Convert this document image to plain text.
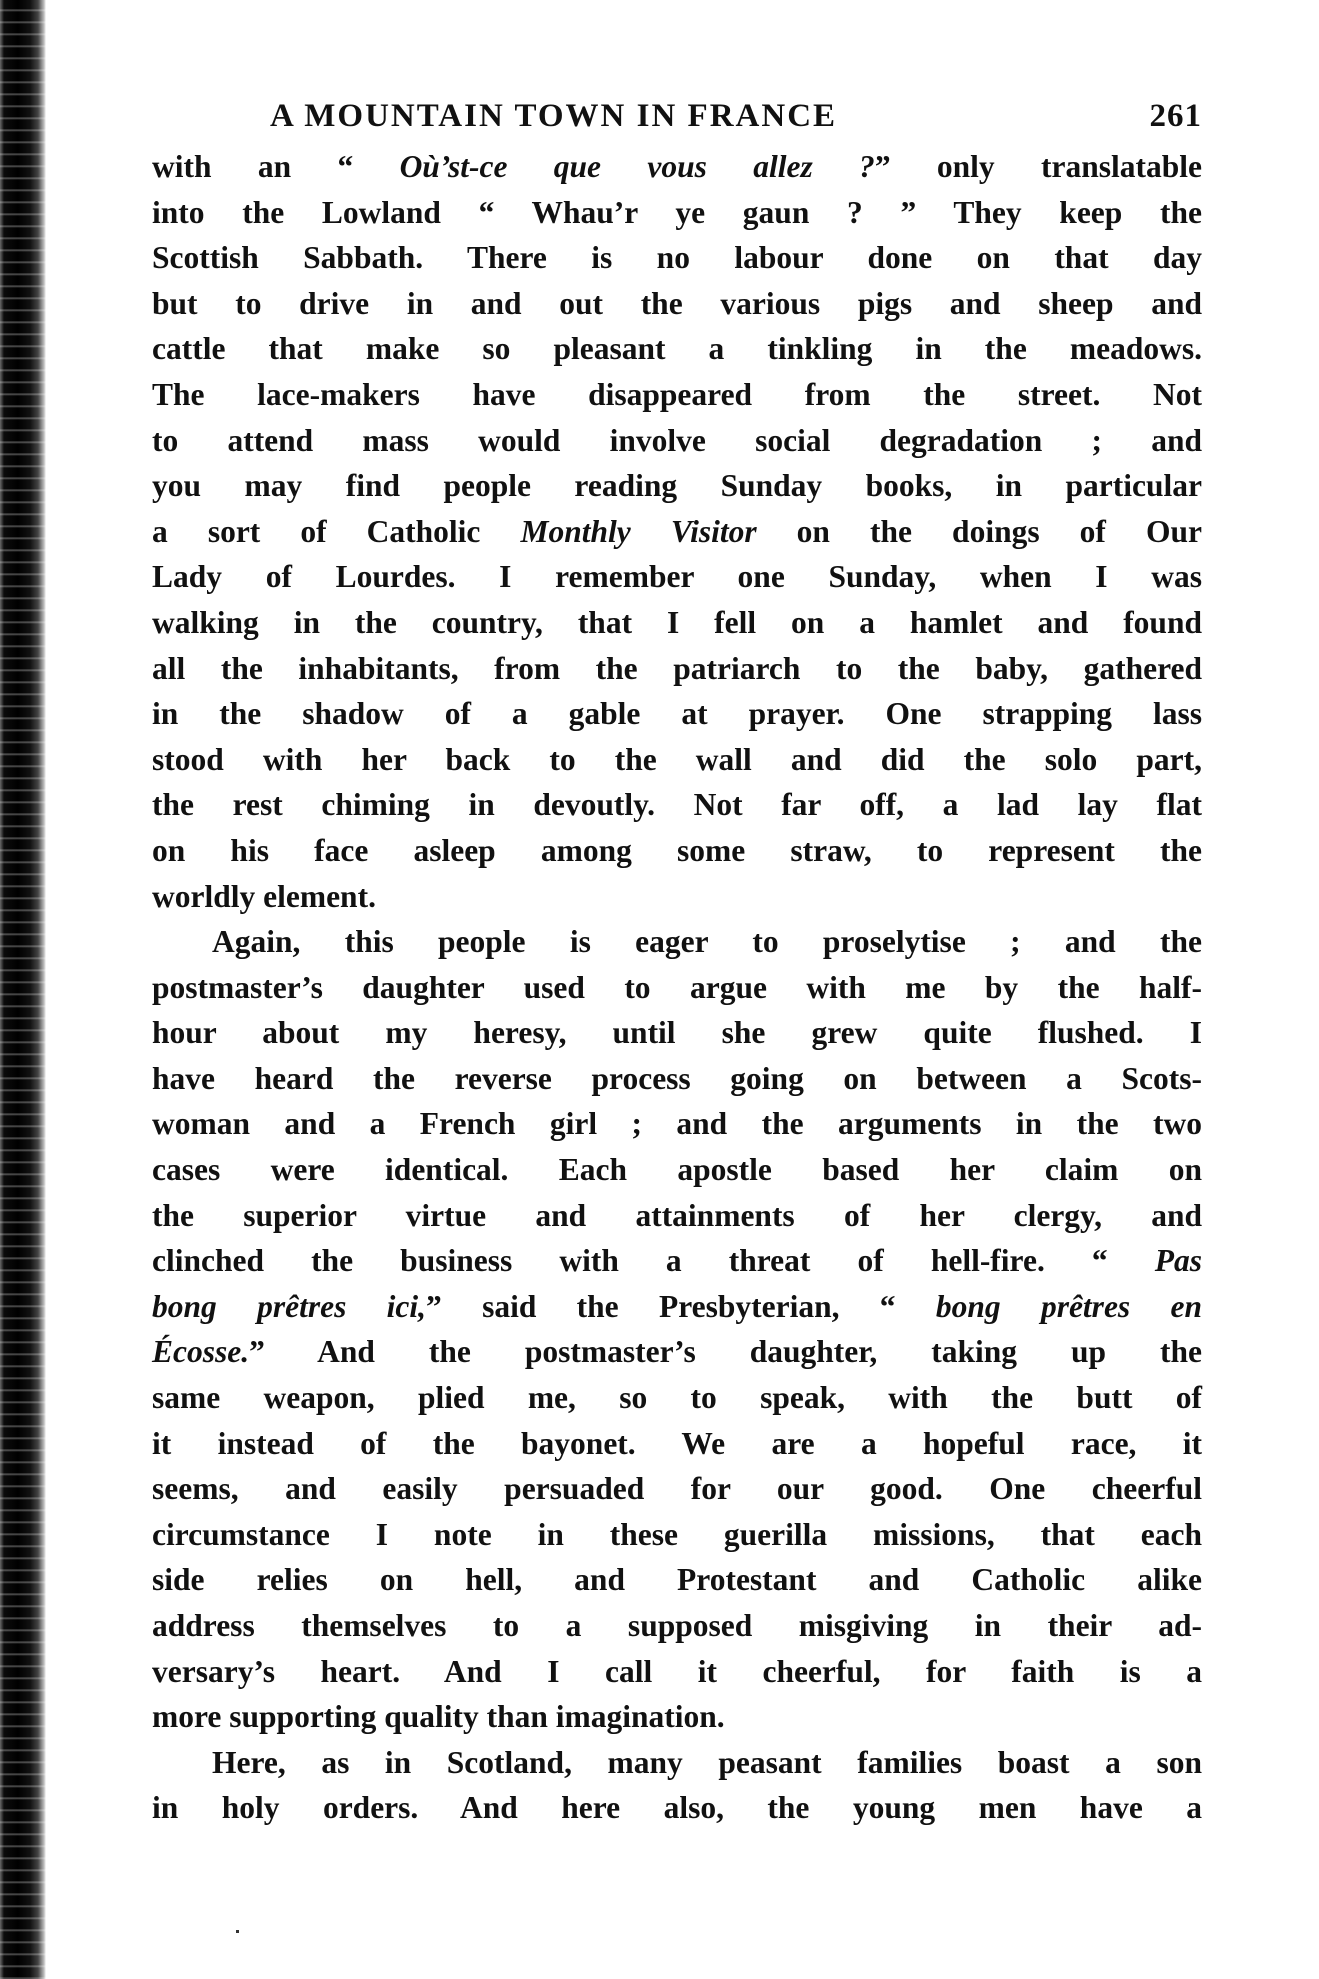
A MOUNTAIN TOWN IN FRANCE	261
with an “ Où’st-ce que vous allez ?” only translatable
into the Lowland “ Whau’r ye gaun ? ” They keep the
Scottish Sabbath. There is no labour done on that day
but to drive in and out the various pigs and sheep and
cattle that make so pleasant a tinkling in the meadows.
The lace-makers have disappeared from the street. Not
to attend mass would involve social degradation ; and
you may find people reading Sunday books, in particular
a sort of Catholic Monthly Visitor on the doings of Our
Lady of Lourdes. I remember one Sunday, when I was
walking in the country, that I fell on a hamlet and found
all the inhabitants, from the patriarch to the baby, gathered
in the shadow of a gable at prayer. One strapping lass
stood with her back to the wall and did the solo part,
the rest chiming in devoutly. Not far off, a lad lay flat
on his face asleep among some straw, to represent the
worldly element.
Again, this people is eager to proselytise ; and the
postmaster’s daughter used to argue with me by the half-
hour about my heresy, until she grew quite flushed. I
have heard the reverse process going on between a Scots-
woman and a French girl ; and the arguments in the two
cases were identical. Each apostle based her claim on
the superior virtue and attainments of her clergy, and
clinched the business with a threat of hell-fire. “ Pas
bong prêtres ici,” said the Presbyterian, “ bong prêtres en
Écosse.” And the postmaster’s daughter, taking up the
same weapon, plied me, so to speak, with the butt of
it instead of the bayonet. We are a hopeful race, it
seems, and easily persuaded for our good. One cheerful
circumstance I note in these guerilla missions, that each
side relies on hell, and Protestant and Catholic alike
address themselves to a supposed misgiving in their ad-
versary’s heart. And I call it cheerful, for faith is a
more supporting quality than imagination.
Here, as in Scotland, many peasant families boast a son
in holy orders. And here also, the young men have a
